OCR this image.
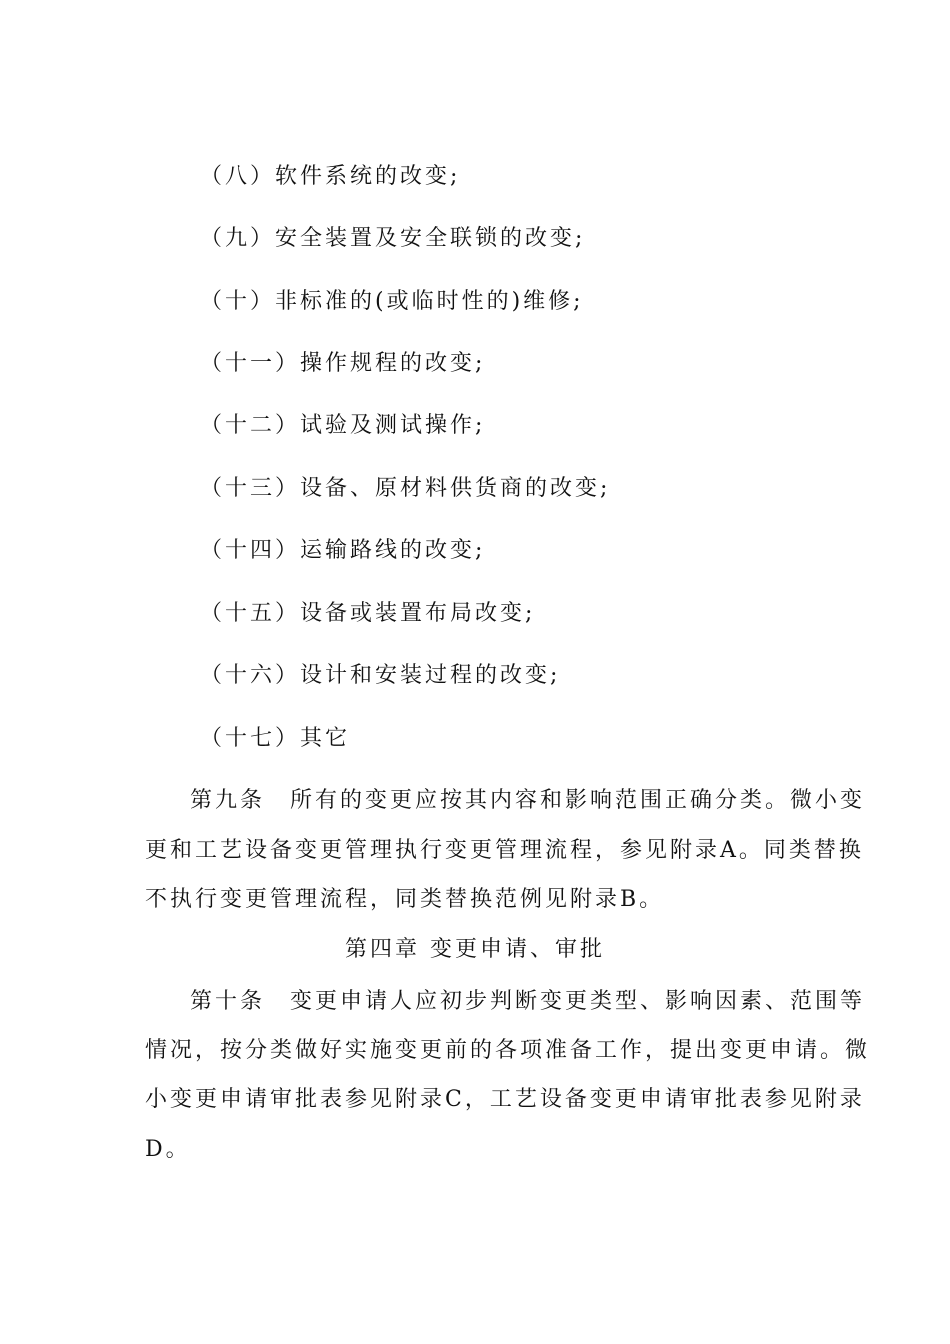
（八）软件系统的改变;
（九）安全装置及安全联锁的改变;
（十）非标准的(或临时性的)维修;
（十一）操作规程的改变;
（十二）试验及测试操作;
（十三）设备、原材料供货商的改变;
（十四）运输路线的改变;
（十五）设备或装置布局改变;
（十六）设计和安装过程的改变;
（十七）其它
第九条　所有的变更应按其内容和影响范围正确分类。微小变
更和工艺设备变更管理执行变更管理流程，参见附录A。同类替换
不执行变更管理流程，同类替换范例见附录B。
第四章 变更申请、审批
第十条　变更申请人应初步判断变更类型、影响因素、范围等
情况，按分类做好实施变更前的各项准备工作，提出变更申请。微
小变更申请审批表参见附录C，工艺设备变更申请审批表参见附录
D。
